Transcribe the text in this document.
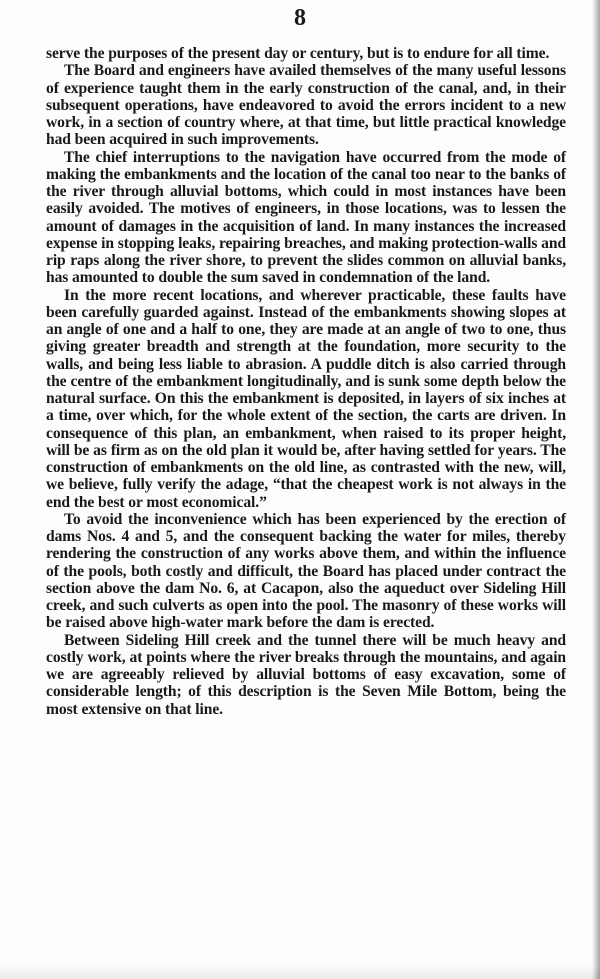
8

serve the purposes of the present day or century, but is to endure for all time.

The Board and engineers have availed themselves of the many useful lessons of experience taught them in the early construction of the canal, and, in their subsequent operations, have endeavored to avoid the errors incident to a new work, in a section of country where, at that time, but little practical knowledge had been acquired in such improvements.

The chief interruptions to the navigation have occurred from the mode of making the embankments and the location of the canal too near to the banks of the river through alluvial bottoms, which could in most instances have been easily avoided. The motives of engineers, in those locations, was to lessen the amount of damages in the acquisition of land. In many instances the increased expense in stopping leaks, repairing breaches, and making protection-walls and rip raps along the river shore, to prevent the slides common on alluvial banks, has amounted to double the sum saved in condemnation of the land.

In the more recent locations, and wherever practicable, these faults have been carefully guarded against. Instead of the embankments showing slopes at an angle of one and a half to one, they are made at an angle of two to one, thus giving greater breadth and strength at the foundation, more security to the walls, and being less liable to abrasion. A puddle ditch is also carried through the centre of the embankment longitudinally, and is sunk some depth below the natural surface. On this the embankment is deposited, in layers of six inches at a time, over which, for the whole extent of the section, the carts are driven. In consequence of this plan, an embankment, when raised to its proper height, will be as firm as on the old plan it would be, after having settled for years. The construction of embankments on the old line, as contrasted with the new, will, we believe, fully verify the adage, “that the cheapest work is not always in the end the best or most economical.”

To avoid the inconvenience which has been experienced by the erection of dams Nos. 4 and 5, and the consequent backing the water for miles, thereby rendering the construction of any works above them, and within the influence of the pools, both costly and difficult, the Board has placed under contract the section above the dam No. 6, at Cacapon, also the aqueduct over Sideling Hill creek, and such culverts as open into the pool. The masonry of these works will be raised above high-water mark before the dam is erected.

Between Sideling Hill creek and the tunnel there will be much heavy and costly work, at points where the river breaks through the mountains, and again we are agreeably relieved by alluvial bottoms of easy excavation, some of considerable length; of this description is the Seven Mile Bottom, being the most extensive on that line.
